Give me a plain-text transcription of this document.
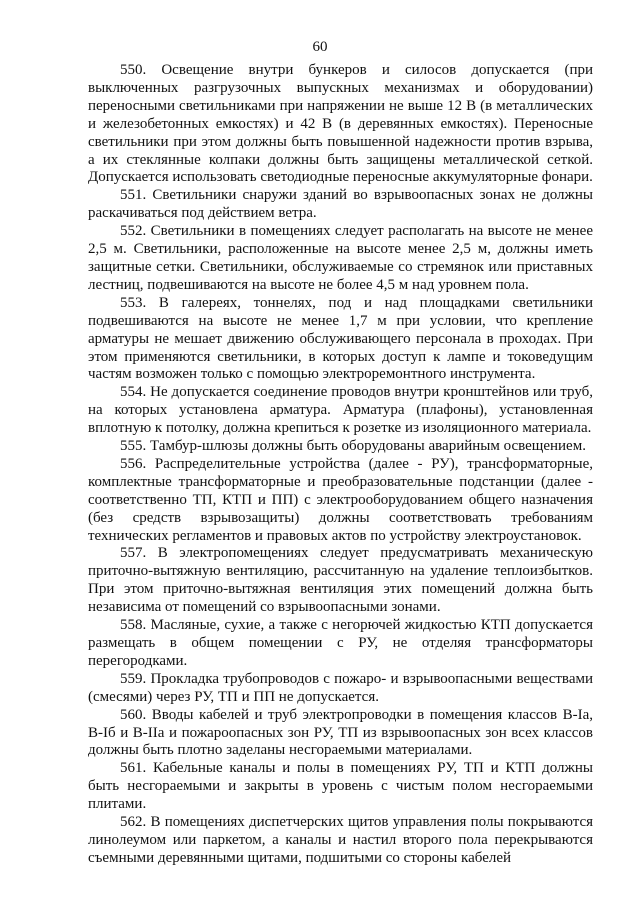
60

550. Освещение внутри бункеров и силосов допускается (при выключенных разгрузочных выпускных механизмах и оборудовании) переносными светильниками при напряжении не выше 12 В (в металлических и железобетонных емкостях) и 42 В (в деревянных емкостях). Переносные светильники при этом должны быть повышенной надежности против взрыва, а их стеклянные колпаки должны быть защищены металлической сеткой. Допускается использовать светодиодные переносные аккумуляторные фонари.

551. Светильники снаружи зданий во взрывоопасных зонах не должны раскачиваться под действием ветра.

552. Светильники в помещениях следует располагать на высоте не менее 2,5 м. Светильники, расположенные на высоте менее 2,5 м, должны иметь защитные сетки. Светильники, обслуживаемые со стремянок или приставных лестниц, подвешиваются на высоте не более 4,5 м над уровнем пола.

553. В галереях, тоннелях, под и над площадками светильники подвешиваются на высоте не менее 1,7 м при условии, что крепление арматуры не мешает движению обслуживающего персонала в проходах. При этом применяются светильники, в которых доступ к лампе и токоведущим частям возможен только с помощью электроремонтного инструмента.

554. Не допускается соединение проводов внутри кронштейнов или труб, на которых установлена арматура. Арматура (плафоны), установленная вплотную к потолку, должна крепиться к розетке из изоляционного материала.

555. Тамбур-шлюзы должны быть оборудованы аварийным освещением.

556. Распределительные устройства (далее - РУ), трансформаторные, комплектные трансформаторные и преобразовательные подстанции (далее - соответственно ТП, КТП и ПП) с электрооборудованием общего назначения (без средств взрывозащиты) должны соответствовать требованиям технических регламентов и правовых актов по устройству электроустановок.

557. В электропомещениях следует предусматривать механическую приточно-вытяжную вентиляцию, рассчитанную на удаление теплоизбытков. При этом приточно-вытяжная вентиляция этих помещений должна быть независима от помещений со взрывоопасными зонами.

558. Масляные, сухие, а также с негорючей жидкостью КТП допускается размещать в общем помещении с РУ, не отделяя трансформаторы перегородками.

559. Прокладка трубопроводов с пожаро- и взрывоопасными веществами (смесями) через РУ, ТП и ПП не допускается.

560. Вводы кабелей и труб электропроводки в помещения классов В-Iа, В-Iб и В-IIа и пожароопасных зон РУ, ТП из взрывоопасных зон всех классов должны быть плотно заделаны несгораемыми материалами.

561. Кабельные каналы и полы в помещениях РУ, ТП и КТП должны быть несгораемыми и закрыты в уровень с чистым полом несгораемыми плитами.

562. В помещениях диспетчерских щитов управления полы покрываются линолеумом или паркетом, а каналы и настил второго пола перекрываются съемными деревянными щитами, подшитыми со стороны кабелей
